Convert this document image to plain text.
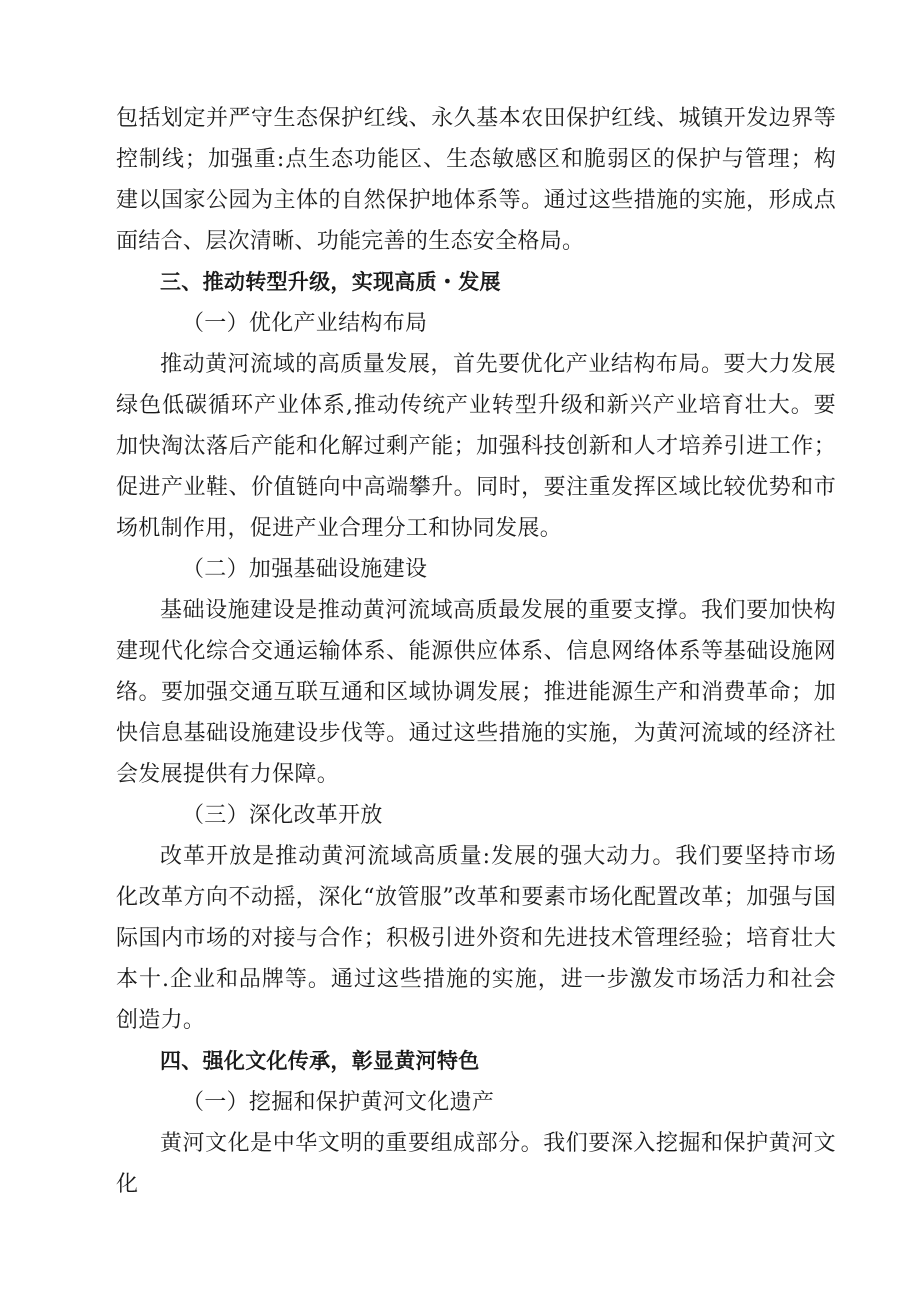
包括划定并严守生态保护红线、永久基本农田保护红线、城镇开发边界等控制线；加强重:点生态功能区、生态敏感区和脆弱区的保护与管理；构建以国家公园为主体的自然保护地体系等。通过这些措施的实施，形成点面结合、层次清晰、功能完善的生态安全格局。

三、推动转型升级，实现高质・发展

（一）优化产业结构布局

推动黄河流域的高质量发展，首先要优化产业结构布局。要大力发展绿色低碳循环产业体系,推动传统产业转型升级和新兴产业培育壮大。要加快淘汰落后产能和化解过剩产能；加强科技创新和人才培养引进工作；促进产业鞋、价值链向中高端攀升。同时，要注重发挥区域比较优势和市场机制作用，促进产业合理分工和协同发展。

（二）加强基础设施建设

基础设施建设是推动黄河流域高质最发展的重要支撑。我们要加快构建现代化综合交通运输体系、能源供应体系、信息网络体系等基础设施网络。要加强交通互联互通和区域协调发展；推进能源生产和消费革命；加快信息基础设施建设步伐等。通过这些措施的实施，为黄河流域的经济社会发展提供有力保障。

（三）深化改革开放

改革开放是推动黄河流域高质量:发展的强大动力。我们要坚持市场化改革方向不动摇，深化“放管服”改革和要素市场化配置改革；加强与国际国内市场的对接与合作；积极引进外资和先进技术管理经验；培育壮大本十.企业和品牌等。通过这些措施的实施，进一步激发市场活力和社会创造力。

四、强化文化传承，彰显黄河特色

（一）挖掘和保护黄河文化遗产

黄河文化是中华文明的重要组成部分。我们要深入挖掘和保护黄河文化
